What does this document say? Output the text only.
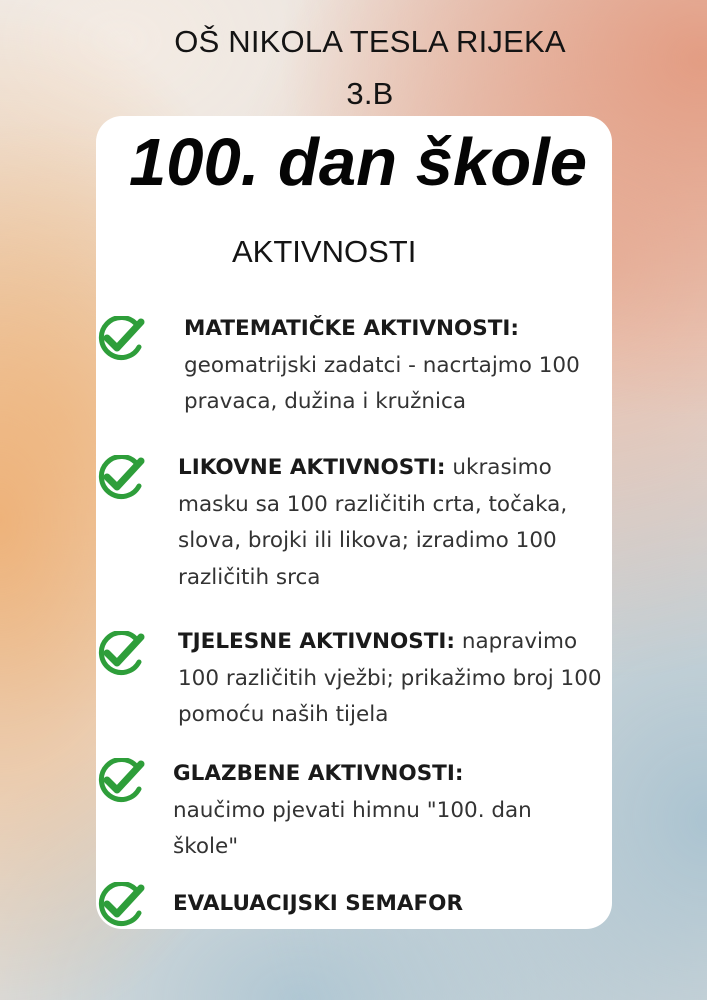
OŠ NIKOLA TESLA RIJEKA
3.B
100. dan škole
AKTIVNOSTI
MATEMATIČKE AKTIVNOSTI:
geomatrijski zadatci - nacrtajmo 100 pravaca, dužina i kružnica
LIKOVNE AKTIVNOSTI: ukrasimo masku sa 100 različitih crta, točaka, slova, brojki ili likova; izradimo 100 različitih srca
TJELESNE AKTIVNOSTI: napravimo 100 različitih vježbi; prikažimo broj 100 pomoću naših tijela
GLAZBENE AKTIVNOSTI:
naučimo pjevati himnu "100. dan škole"
EVALUACIJSKI SEMAFOR
